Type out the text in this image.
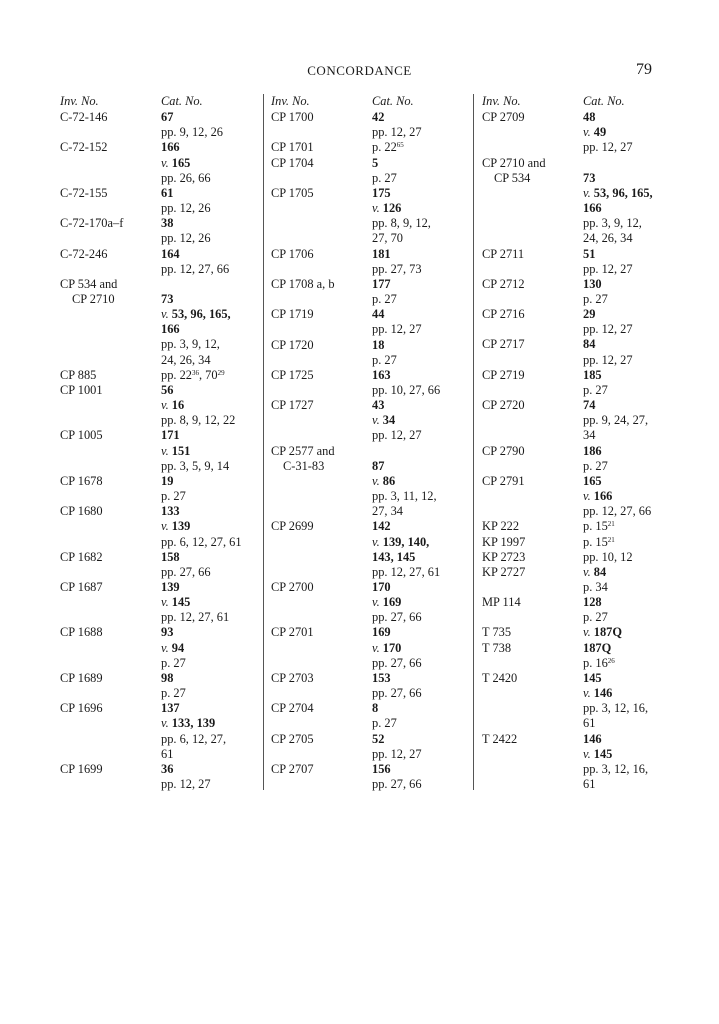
CONCORDANCE	79
Inv. No.	Cat. No.
C-72-146	67
pp. 9, 12, 26
C-72-152	166
v. 165
pp. 26, 66
C-72-155	61
pp. 12, 26
C-72-170a–f	38
pp. 12, 26
C-72-246	164
pp. 12, 27, 66
CP 534 and
CP 2710	73
v. 53, 96, 165,
166
pp. 3, 9, 12,
24, 26, 34
CP 885	pp. $22^{36}$, $70^{29}$
CP 1001	56
v. 16
pp. 8, 9, 12, 22
CP 1005	171
v. 151
pp. 3, 5, 9, 14
CP 1678	19
p. 27
CP 1680	133
v. 139
pp. 6, 12, 27, 61
CP 1682	158
pp. 27, 66
CP 1687	139
v. 145
pp. 12, 27, 61
CP 1688	93
v. 94
p. 27
CP 1689	98
p. 27
CP 1696	137
v. 133, 139
pp. 6, 12, 27,
61
CP 1699	36
pp. 12, 27
Inv. No.	Cat. No.
CP 1700	42
pp. 12, 27
CP 1701	p. $22^{65}$
CP 1704	5
p. 27
CP 1705	175
v. 126
pp. 8, 9, 12,
27, 70
CP 1706	181
pp. 27, 73
CP 1708 a, b	177
p. 27
CP 1719	44
pp. 12, 27
CP 1720	18
p. 27
CP 1725	163
pp. 10, 27, 66
CP 1727	43
v. 34
pp. 12, 27
CP 2577 and
C-31-83	87
v. 86
pp. 3, 11, 12,
27, 34
CP 2699	142
v. 139, 140,
143, 145
pp. 12, 27, 61
CP 2700	170
v. 169
pp. 27, 66
CP 2701	169
v. 170
pp. 27, 66
CP 2703	153
pp. 27, 66
CP 2704	8
p. 27
CP 2705	52
pp. 12, 27
CP 2707	156
pp. 27, 66
Inv. No.	Cat. No.
CP 2709	48
v. 49
pp. 12, 27
CP 2710 and
CP 534	73
v. 53, 96, 165,
166
pp. 3, 9, 12,
24, 26, 34
CP 2711	51
pp. 12, 27
CP 2712	130
p. 27
CP 2716	29
pp. 12, 27
CP 2717	84
pp. 12, 27
CP 2719	185
p. 27
CP 2720	74
pp. 9, 24, 27,
34
CP 2790	186
p. 27
CP 2791	165
v. 166
pp. 12, 27, 66
KP 222	p. $15^{21}$
KP 1997	p. $15^{21}$
KP 2723	pp. 10, 12
KP 2727	v. 84
p. 34
MP 114	128
p. 27
T 735	v. 187Q
T 738	187Q
p. $16^{26}$
T 2420	145
v. 146
pp. 3, 12, 16,
61
T 2422	146
v. 145
pp. 3, 12, 16,
61
